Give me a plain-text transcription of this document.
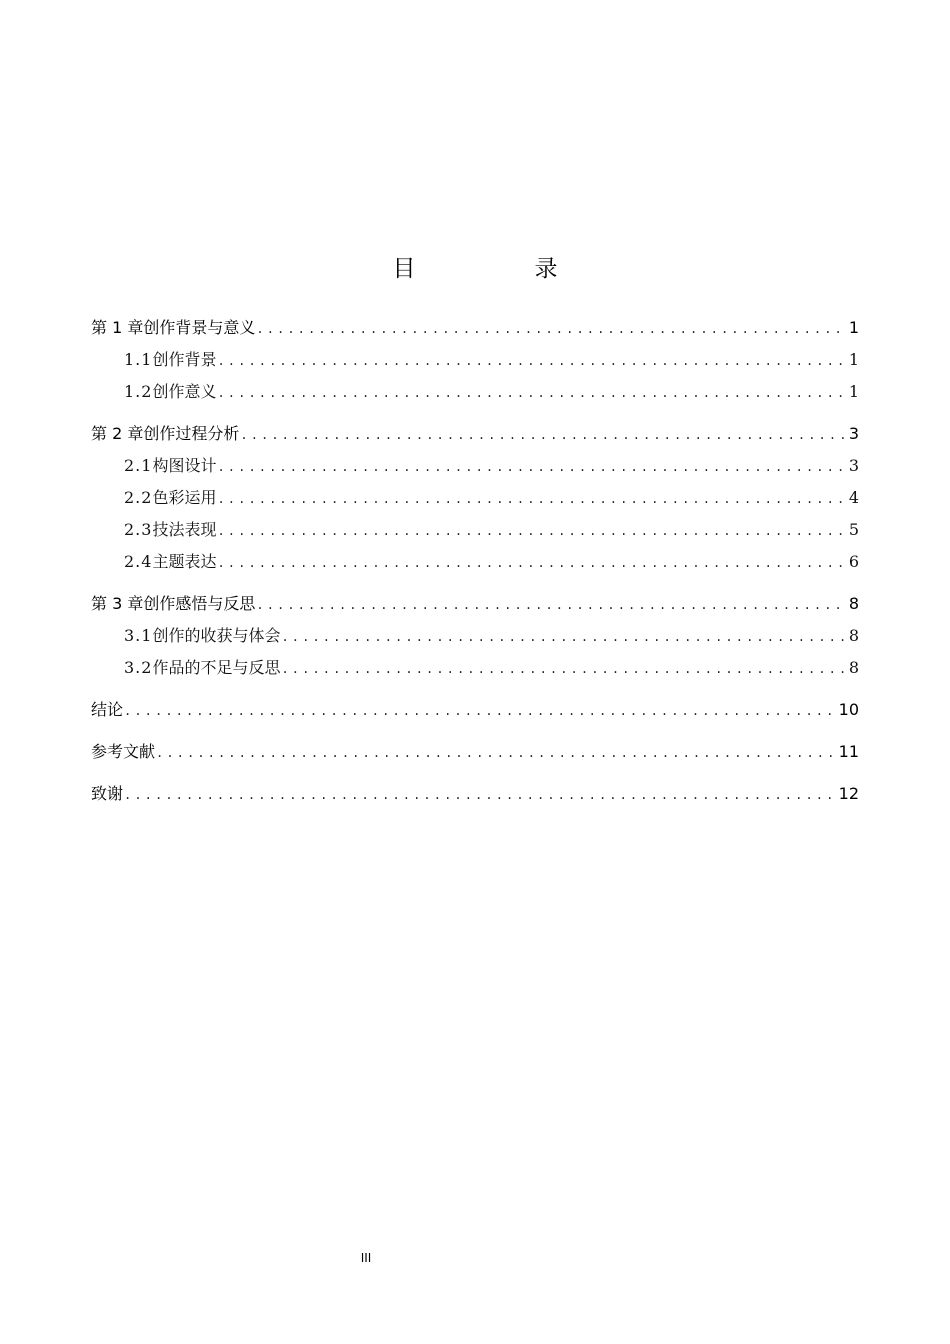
目　录
第 1 章 创作背景与意义 .....	1
1.1 创作背景 .....	1
1.2 创作意义 .....	1
第 2 章 创作过程分析 .....	3
2.1 构图设计 .....	3
2.2 色彩运用 .....	4
2.3 技法表现 .....	5
2.4 主题表达 .....	6
第 3 章 创作感悟与反思 .....	8
3.1 创作的收获与体会 .....	8
3.2 作品的不足与反思 .....	8
结论 .....	10
参考文献 .....	11
致谢 .....	12
III
